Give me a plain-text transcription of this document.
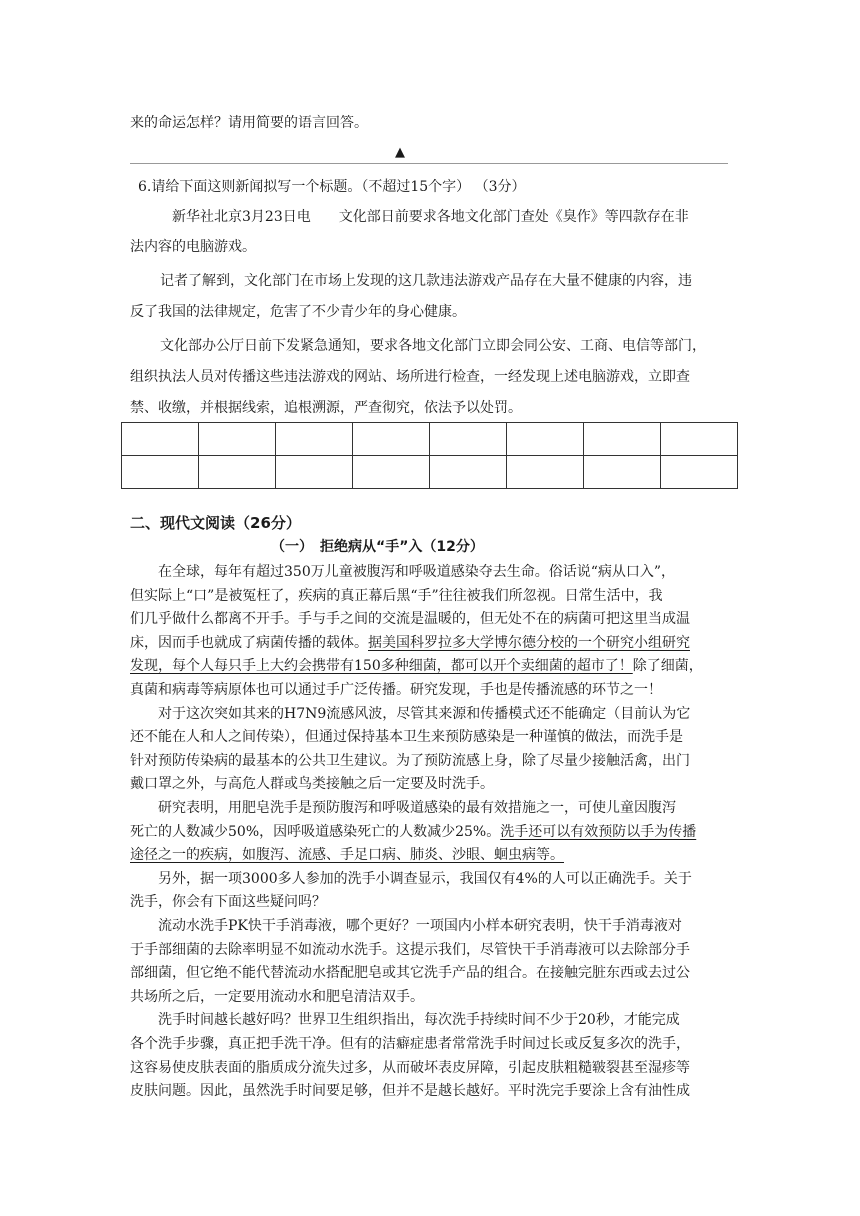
来的命运怎样？请用简要的语言回答。
▲
6.请给下面这则新闻拟写一个标题。（不超过15个字） （3分）
新华社北京3月23日电　　文化部日前要求各地文化部门查处《臭作》等四款存在非
法内容的电脑游戏。
记者了解到，文化部门在市场上发现的这几款违法游戏产品存在大量不健康的内容，违
反了我国的法律规定，危害了不少青少年的身心健康。
文化部办公厅日前下发紧急通知，要求各地文化部门立即会同公安、工商、电信等部门，
组织执法人员对传播这些违法游戏的网站、场所进行检查，一经发现上述电脑游戏，立即查
禁、收缴，并根据线索，追根溯源，严查彻究，依法予以处罚。

二、现代文阅读（26分）
（一）　拒绝病从“手”入（12分）
在全球，每年有超过350万儿童被腹泻和呼吸道感染夺去生命。俗话说“病从口入”，
但实际上“口”是被冤枉了，疾病的真正幕后黑“手”往往被我们所忽视。日常生活中，我
们几乎做什么都离不开手。手与手之间的交流是温暖的，但无处不在的病菌可把这里当成温
床，因而手也就成了病菌传播的载体。据美国科罗拉多大学博尔德分校的一个研究小组研究
发现，每个人每只手上大约会携带有150多种细菌，都可以开个卖细菌的超市了！除了细菌，
真菌和病毒等病原体也可以通过手广泛传播。研究发现，手也是传播流感的环节之一！
对于这次突如其来的H7N9流感风波，尽管其来源和传播模式还不能确定（目前认为它
还不能在人和人之间传染），但通过保持基本卫生来预防感染是一种谨慎的做法，而洗手是
针对预防传染病的最基本的公共卫生建议。为了预防流感上身，除了尽量少接触活禽，出门
戴口罩之外，与高危人群或鸟类接触之后一定要及时洗手。
研究表明，用肥皂洗手是预防腹泻和呼吸道感染的最有效措施之一，可使儿童因腹泻
死亡的人数减少50%，因呼吸道感染死亡的人数减少25%。洗手还可以有效预防以手为传播
途径之一的疾病，如腹泻、流感、手足口病、肺炎、沙眼、蛔虫病等。
另外，据一项3000多人参加的洗手小调查显示，我国仅有4%的人可以正确洗手。关于
洗手，你会有下面这些疑问吗？
流动水洗手PK快干手消毒液，哪个更好？一项国内小样本研究表明，快干手消毒液对
于手部细菌的去除率明显不如流动水洗手。这提示我们，尽管快干手消毒液可以去除部分手
部细菌，但它绝不能代替流动水搭配肥皂或其它洗手产品的组合。在接触完脏东西或去过公
共场所之后，一定要用流动水和肥皂清洁双手。
洗手时间越长越好吗？世界卫生组织指出，每次洗手持续时间不少于20秒，才能完成
各个洗手步骤，真正把手洗干净。但有的洁癖症患者常常洗手时间过长或反复多次的洗手，
这容易使皮肤表面的脂质成分流失过多，从而破坏表皮屏障，引起皮肤粗糙皲裂甚至湿疹等
皮肤问题。因此，虽然洗手时间要足够，但并不是越长越好。平时洗完手要涂上含有油性成
